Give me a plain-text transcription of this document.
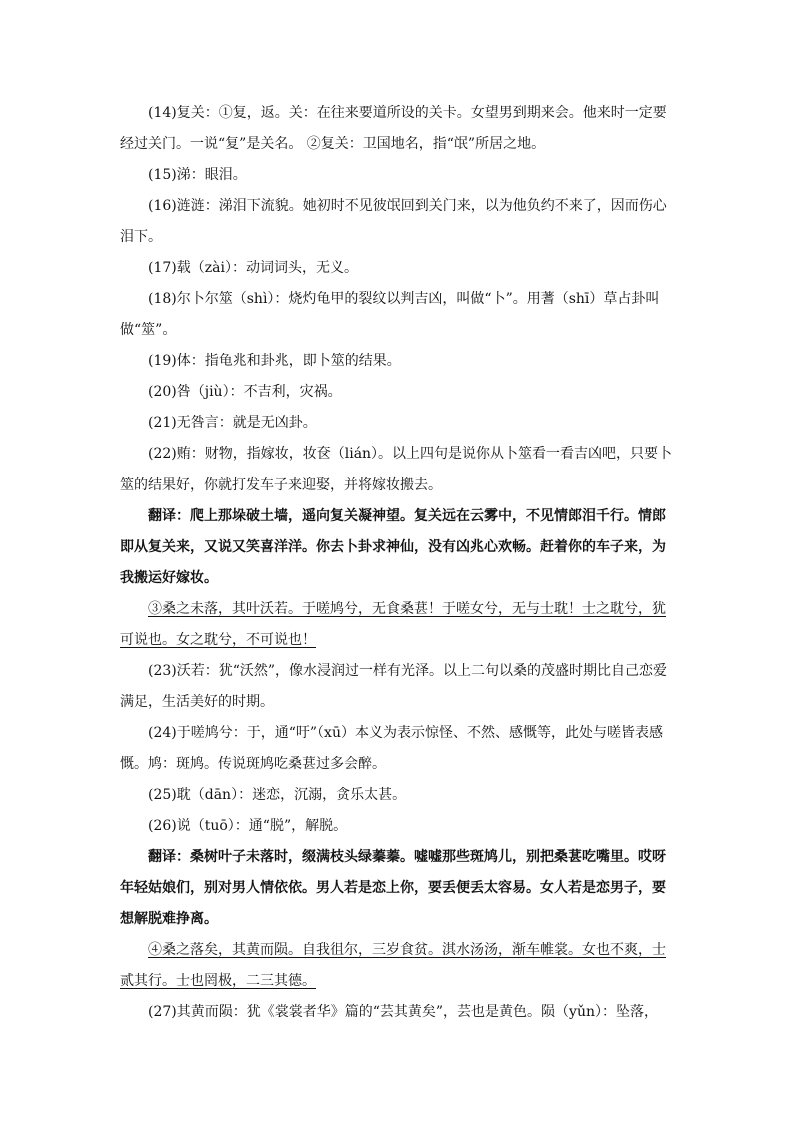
(14)复关：①复，返。关：在往来要道所设的关卡。女望男到期来会。他来时一定要经过关门。一说“复”是关名。 ②复关：卫国地名，指“氓”所居之地。

(15)涕：眼泪。

(16)涟涟：涕泪下流貌。她初时不见彼氓回到关门来，以为他负约不来了，因而伤心泪下。

(17)载（zài）：动词词头，无义。

(18)尔卜尔筮（shì）：烧灼龟甲的裂纹以判吉凶，叫做“卜”。用蓍（shī）草占卦叫做“筮”。

(19)体：指龟兆和卦兆，即卜筮的结果。

(20)咎（jiù）：不吉利，灾祸。

(21)无咎言：就是无凶卦。

(22)贿：财物，指嫁妆，妆奁（lián）。以上四句是说你从卜筮看一看吉凶吧，只要卜筮的结果好，你就打发车子来迎娶，并将嫁妆搬去。

翻译：爬上那垛破土墙，遥向复关凝神望。复关远在云雾中，不见情郎泪千行。情郎即从复关来，又说又笑喜洋洋。你去卜卦求神仙，没有凶兆心欢畅。赶着你的车子来，为我搬运好嫁妆。

③桑之未落，其叶沃若。于嗟鸠兮，无食桑葚！于嗟女兮，无与士耽！士之耽兮，犹可说也。女之耽兮，不可说也！

(23)沃若：犹“沃然”，像水浸润过一样有光泽。以上二句以桑的茂盛时期比自己恋爱满足，生活美好的时期。

(24)于嗟鸠兮：于，通“吁”（xū）本义为表示惊怪、不然、感慨等，此处与嗟皆表感慨。鸠：斑鸠。传说斑鸠吃桑葚过多会醉。

(25)耽（dān）：迷恋，沉溺，贪乐太甚。

(26)说（tuō）：通“脱”，解脱。

翻译：桑树叶子未落时，缀满枝头绿蓁蓁。嘘嘘那些斑鸠儿，别把桑葚吃嘴里。哎呀年轻姑娘们，别对男人情依依。男人若是恋上你，要丢便丢太容易。女人若是恋男子，要想解脱难挣离。

④桑之落矣，其黄而陨。自我徂尔，三岁食贫。淇水汤汤，渐车帷裳。女也不爽，士贰其行。士也罔极，二三其德。

(27)其黄而陨：犹《裳裳者华》篇的“芸其黄矣”，芸也是黄色。陨（yǔn）：坠落，
